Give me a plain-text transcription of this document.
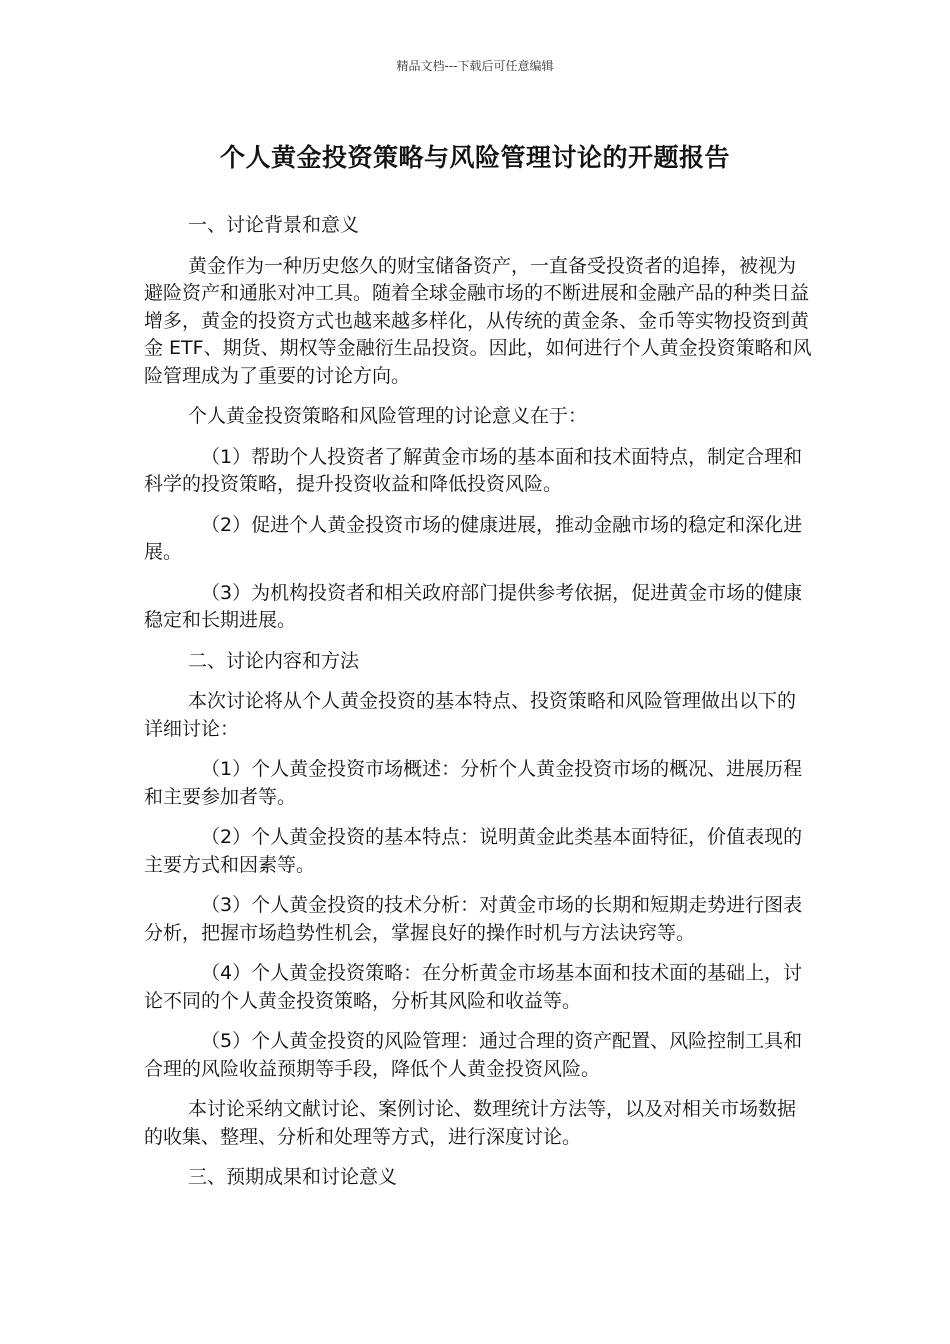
精品文档---下载后可任意编辑
个人黄金投资策略与风险管理讨论的开题报告
一、讨论背景和意义
黄金作为一种历史悠久的财宝储备资产，一直备受投资者的追捧，被视为避险资产和通胀对冲工具。随着全球金融市场的不断进展和金融产品的种类日益增多，黄金的投资方式也越来越多样化，从传统的黄金条、金币等实物投资到黄金 ETF、期货、期权等金融衍生品投资。因此，如何进行个人黄金投资策略和风险管理成为了重要的讨论方向。
个人黄金投资策略和风险管理的讨论意义在于：
（1）帮助个人投资者了解黄金市场的基本面和技术面特点，制定合理和科学的投资策略，提升投资收益和降低投资风险。
（2）促进个人黄金投资市场的健康进展，推动金融市场的稳定和深化进展。
（3）为机构投资者和相关政府部门提供参考依据，促进黄金市场的健康稳定和长期进展。
二、讨论内容和方法
本次讨论将从个人黄金投资的基本特点、投资策略和风险管理做出以下的详细讨论：
（1）个人黄金投资市场概述：分析个人黄金投资市场的概况、进展历程和主要参加者等。
（2）个人黄金投资的基本特点：说明黄金此类基本面特征，价值表现的主要方式和因素等。
（3）个人黄金投资的技术分析：对黄金市场的长期和短期走势进行图表分析，把握市场趋势性机会，掌握良好的操作时机与方法诀窍等。
（4）个人黄金投资策略：在分析黄金市场基本面和技术面的基础上，讨论不同的个人黄金投资策略，分析其风险和收益等。
（5）个人黄金投资的风险管理：通过合理的资产配置、风险控制工具和合理的风险收益预期等手段，降低个人黄金投资风险。
本讨论采纳文献讨论、案例讨论、数理统计方法等，以及对相关市场数据的收集、整理、分析和处理等方式，进行深度讨论。
三、预期成果和讨论意义
